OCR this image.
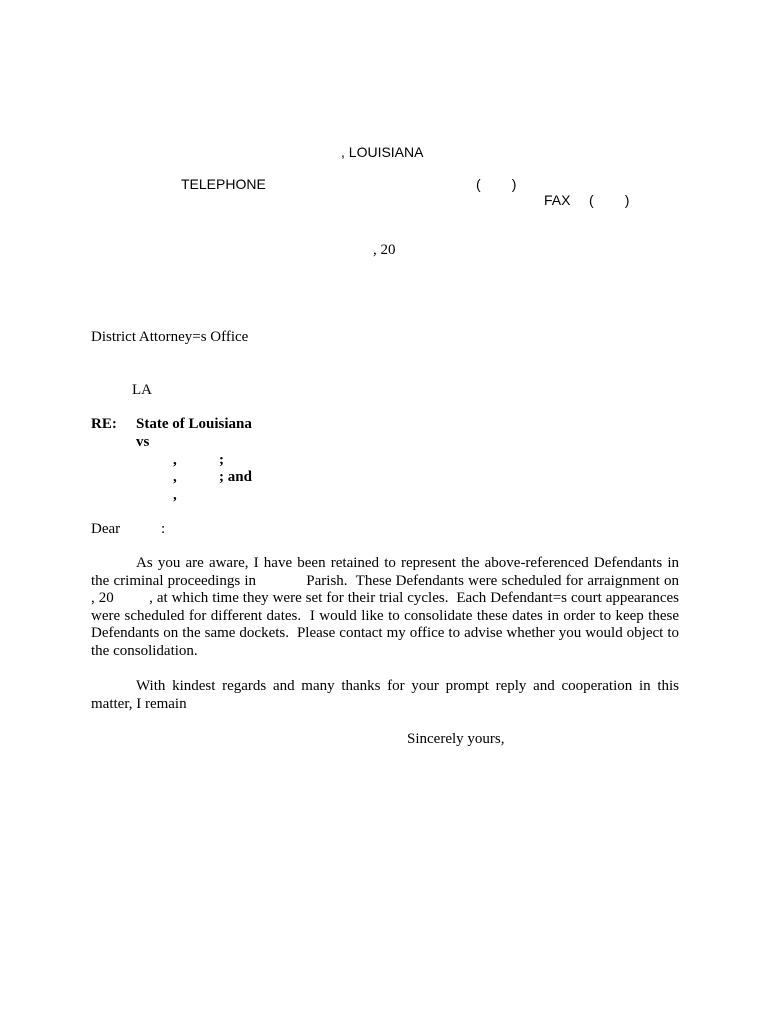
, LOUISIANA
TELEPHONE	(        )
FAX (        )
, 20
District Attorney=s Office
LA
RE: State of Louisiana
vs
,	;
,	; and
,
Dear	:
As you are aware, I have been retained to represent the above-referenced Defendants in the criminal proceedings in            Parish.  These Defendants were scheduled for arraignment on         , 20         , at which time they were set for their trial cycles.  Each Defendant=s court appearances were scheduled for different dates.  I would like to consolidate these dates in order to keep these Defendants on the same dockets.  Please contact my office to advise whether you would object to the consolidation.
With kindest regards and many thanks for your prompt reply and cooperation in this matter, I remain
Sincerely yours,
